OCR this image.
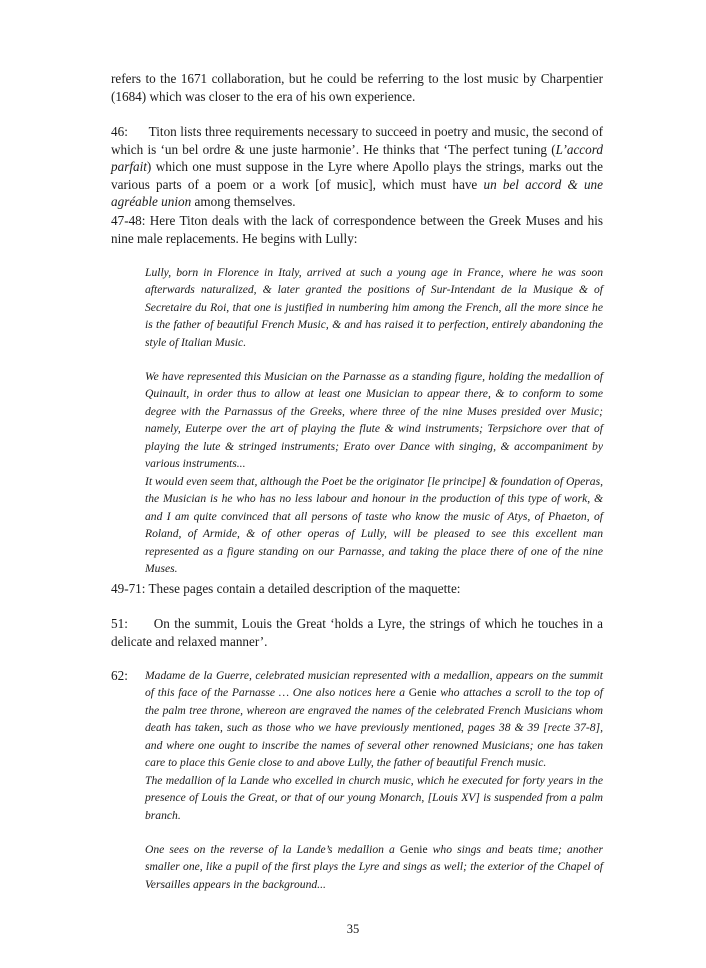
refers to the 1671 collaboration, but he could be referring to the lost music by Charpentier (1684) which was closer to the era of his own experience.

46: Titon lists three requirements necessary to succeed in poetry and music, the second of which is ‘un bel ordre & une juste harmonie’. He thinks that ‘The perfect tuning (L’accord parfait) which one must suppose in the Lyre where Apollo plays the strings, marks out the various parts of a poem or a work [of music], which must have un bel accord & une agréable union among themselves.

47-48: Here Titon deals with the lack of correspondence between the Greek Muses and his nine male replacements. He begins with Lully:

Lully, born in Florence in Italy, arrived at such a young age in France, where he was soon afterwards naturalized, & later granted the positions of Sur-Intendant de la Musique & of Secretaire du Roi, that one is justified in numbering him among the French, all the more since he is the father of beautiful French Music, & and has raised it to perfection, entirely abandoning the style of Italian Music.

We have represented this Musician on the Parnasse as a standing figure, holding the medallion of Quinault, in order thus to allow at least one Musician to appear there, & to conform to some degree with the Parnassus of the Greeks, where three of the nine Muses presided over Music; namely, Euterpe over the art of playing the flute & wind instruments; Terpsichore over that of playing the lute & stringed instruments; Erato over Dance with singing, & accompaniment by various instruments...

It would even seem that, although the Poet be the originator [le principe] & foundation of Operas, the Musician is he who has no less labour and honour in the production of this type of work, & and I am quite convinced that all persons of taste who know the music of Atys, of Phaeton, of Roland, of Armide, & of other operas of Lully, will be pleased to see this excellent man represented as a figure standing on our Parnasse, and taking the place there of one of the nine Muses.

49-71: These pages contain a detailed description of the maquette:

51:      On the summit, Louis the Great ‘holds a Lyre, the strings of which he touches in a delicate and relaxed manner’.

62: Madame de la Guerre, celebrated musician represented with a medallion, appears on the summit of this face of the Parnasse … One also notices here a Genie who attaches a scroll to the top of the palm tree throne, whereon are engraved the names of the celebrated French Musicians whom death has taken, such as those who we have previously mentioned, pages 38 & 39 [recte 37-8], and where one ought to inscribe the names of several other renowned Musicians; one has taken care to place this Genie close to and above Lully, the father of beautiful French music.

The medallion of la Lande who excelled in church music, which he executed for forty years in the presence of Louis the Great, or that of our young Monarch, [Louis XV] is suspended from a palm branch.

One sees on the reverse of la Lande’s medallion a Genie who sings and beats time; another smaller one, like a pupil of the first plays the Lyre and sings as well; the exterior of the Chapel of Versailles appears in the background...

35
